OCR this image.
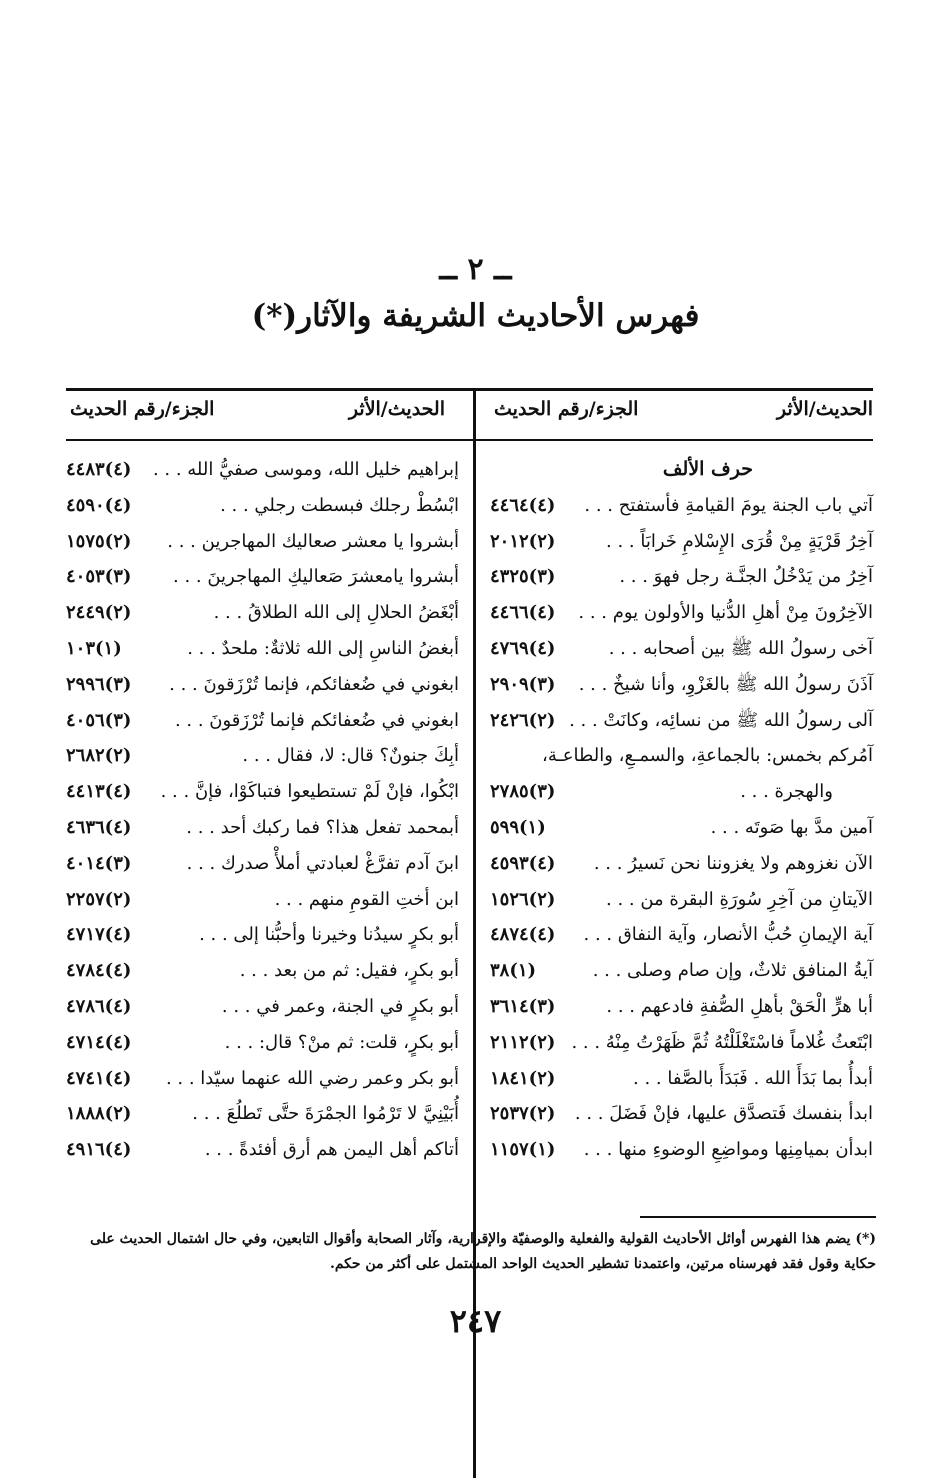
ــ ٢ ــ
فهرس الأحاديث الشريفة والآثار(*)
الحديث/الأثر
الجزء/رقم الحديث
الحديث/الأثر
الجزء/رقم الحديث
حرف الألف
آتي باب الجنة يومَ القيامةِ فأستفتح . . .
(٤)٤٤٦٤
آخِرُ قَرْيَةٍ مِنْ قُرَى الإِسْلامِ خَرابَاً . . .
(٢)٢٠١٢
آخِرُ من يَدْخُلُ الجنَّـة رجل فهوَ . . .
(٣)٤٣٢٥
الآخِرُونَ مِنْ أهلِ الدُّنيا والأولون يوم . . .
(٤)٤٤٦٦
آخى رسولُ الله ﷺ بين أصحابه . . .
(٤)٤٧٦٩
آذَنَ رسولُ الله ﷺ بالغَزْوِ، وأنا شيخٌ . . .
(٣)٢٩٠٩
آلى رسولُ الله ﷺ من نسائِه، وكانَتْ . . .
(٢)٢٤٢٦
آمُركم بخمس: بالجماعةِ، والسمـعِ، والطاعـة،
والهجرة . . .
(٣)٢٧٨٥
آمين مدَّ بها صَوتَه . . .
(١)٥٩٩
الآن نغزوهم ولا يغزوننا نحن نَسيرُ . . .
(٤)٤٥٩٣
الآيتانِ من آخِرِ سُورَةِ البقرة من . . .
(٢)١٥٢٦
آية الإيمانِ حُبُّ الأنصار، وآية النفاق . . .
(٤)٤٨٧٤
آيةُ المنافق ثلاثٌ، وإن صام وصلى . . .
(١)٣٨
أبا هرٍّ الْحَقْ بأهلِ الصُّفةِ فادعهم . . .
(٣)٣٦١٤
ابْتَعثُ غُلاماً فاسْتَغْلَلْتُهُ ثُمَّ ظَهَرْتُ مِنْهُ . . .
(٢)٢١١٢
أبدأُ بما بَدَأَ الله . فَبَدَأَ بالصَّفا . . .
(٢)١٨٤١
ابدأ بنفسك فَتصدَّق عليها، فإنْ فَضَلَ . . .
(٢)٢٥٣٧
ابدأن بميامِنِها ومواضِعِ الوضوءِ منها . . .
(١)١١٥٧
إبراهيم خليل الله، وموسى صفيُّ الله . . .
(٤)٤٤٨٣
ابْسُطْ رجلك فبسطت رجلي . . .
(٤)٤٥٩٠
أبشروا يا معشر صعاليك المهاجرين . . .
(٢)١٥٧٥
أبشروا يامعشرَ صَعاليكِ المهاجرينَ . . .
(٣)٤٠٥٣
أبْغَضُ الحلالِ إلى الله الطلاقُ . . .
(٢)٢٤٤٩
أبغضُ الناسِ إلى الله ثلاثةٌ: ملحدٌ . . .
(١)١٠٣
ابغوني في ضُعفائكم، فإنما تُرْزَقونَ . . .
(٣)٢٩٩٦
ابغوني في ضُعفائكم فإنما تُرْزَقونَ . . .
(٣)٤٠٥٦
أبِكَ جنونٌ؟ قال: لا، فقال . . .
(٢)٢٦٨٢
ابْكُوا، فإنْ لَمْ تستطيعوا فتباكَوْا، فإنَّ . . .
(٤)٤٤١٣
أبمحمد تفعل هذا؟ فما ركبك أحد . . .
(٤)٤٦٣٦
ابنَ آدم تفرَّغْ لعبادتي أملأْ صدرك . . .
(٣)٤٠١٤
ابن أختِ القومِ منهم . . .
(٢)٢٢٥٧
أبو بكرٍ سيدُنا وخيرنا وأحبُّنا إلى . . .
(٤)٤٧١٧
أبو بكرٍ، فقيل: ثم من بعد . . .
(٤)٤٧٨٤
أبو بكرٍ في الجنة، وعمر في . . .
(٤)٤٧٨٦
أبو بكرٍ، قلت: ثم منْ؟ قال: . . .
(٤)٤٧١٤
أبو بكر وعمر رضي الله عنهما سيّدا . . .
(٤)٤٧٤١
أُبَيْنِيَّ لا تَرْمُوا الجمْرَةَ حتَّى تَطلُعَ . . .
(٢)١٨٨٨
أتاكم أهل اليمن هم أرق أفئدةً . . .
(٤)٤٩١٦
(*) يضم هذا الفهرس أوائل الأحاديث القولية والفعلية والوصفيّة والإقرارية، وآثار الصحابة وأقوال التابعين، وفي حال اشتمال الحديث على حكاية وقول فقد فهرسناه مرتين، واعتمدنا تشطير الحديث الواحد المشتمل على أكثر من حكم.
٢٤٧
